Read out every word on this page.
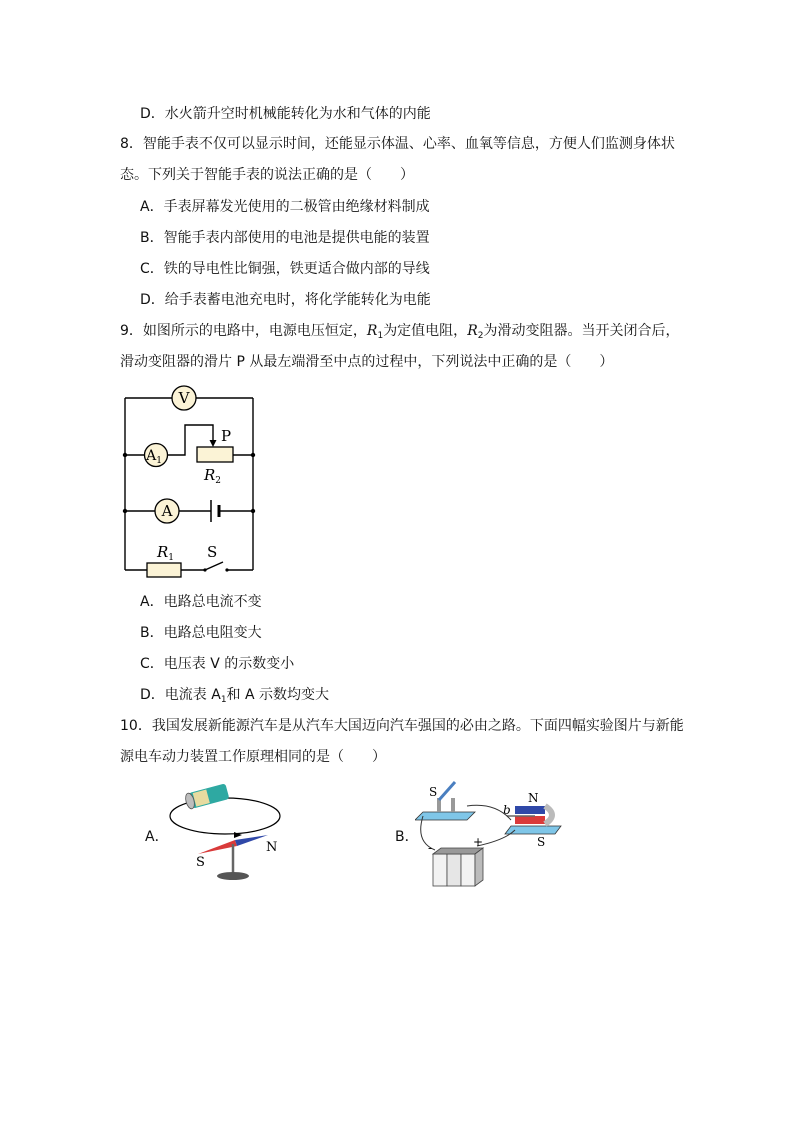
D．水火箭升空时机械能转化为水和气体的内能
8．智能手表不仅可以显示时间，还能显示体温、心率、血氧等信息，方便人们监测身体状
态。下列关于智能手表的说法正确的是（　　）
A．手表屏幕发光使用的二极管由绝缘材料制成
B．智能手表内部使用的电池是提供电能的装置
C．铁的导电性比铜强，铁更适合做内部的导线
D．给手表蓄电池充电时，将化学能转化为电能
9．如图所示的电路中，电源电压恒定，$R_1$为定值电阻，$R_2$为滑动变阻器。当开关闭合后，
滑动变阻器的滑片 P 从最左端滑至中点的过程中，下列说法中正确的是（　　）
V
$A_1$
P
$R_2$
A
$R_1$ S
A．电路总电流不变
B．电路总电阻变大
C．电压表 V 的示数变小
D．电流表 $A_1$和 A 示数均变大
10．我国发展新能源汽车是从汽车大国迈向汽车强国的必由之路。下面四幅实验图片与新能
源电车动力装置工作原理相同的是（　　）
A．
S
N
B．
S	N
b
S
-	+
